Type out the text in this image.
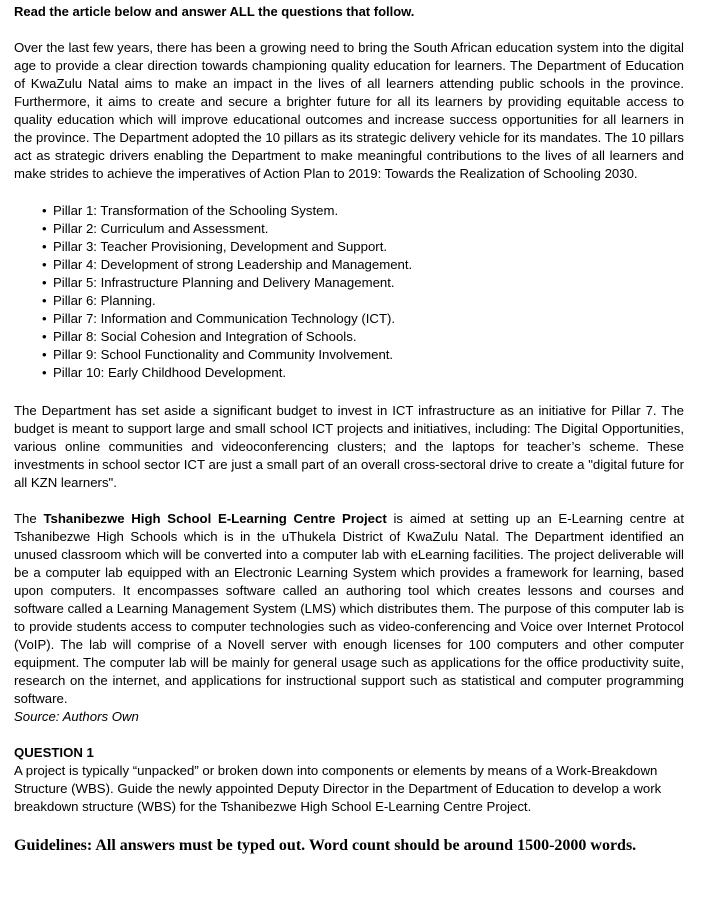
Read the article below and answer ALL the questions that follow.

Over the last few years, there has been a growing need to bring the South African education system into the digital age to provide a clear direction towards championing quality education for learners. The Department of Education of KwaZulu Natal aims to make an impact in the lives of all learners attending public schools in the province. Furthermore, it aims to create and secure a brighter future for all its learners by providing equitable access to quality education which will improve educational outcomes and increase success opportunities for all learners in the province. The Department adopted the 10 pillars as its strategic delivery vehicle for its mandates. The 10 pillars act as strategic drivers enabling the Department to make meaningful contributions to the lives of all learners and make strides to achieve the imperatives of Action Plan to 2019: Towards the Realization of Schooling 2030.

• Pillar 1: Transformation of the Schooling System.
• Pillar 2: Curriculum and Assessment.
• Pillar 3: Teacher Provisioning, Development and Support.
• Pillar 4: Development of strong Leadership and Management.
• Pillar 5: Infrastructure Planning and Delivery Management.
• Pillar 6: Planning.
• Pillar 7: Information and Communication Technology (ICT).
• Pillar 8: Social Cohesion and Integration of Schools.
• Pillar 9: School Functionality and Community Involvement.
• Pillar 10: Early Childhood Development.

The Department has set aside a significant budget to invest in ICT infrastructure as an initiative for Pillar 7. The budget is meant to support large and small school ICT projects and initiatives, including: The Digital Opportunities, various online communities and videoconferencing clusters; and the laptops for teacher’s scheme. These investments in school sector ICT are just a small part of an overall cross-sectoral drive to create a "digital future for all KZN learners".

The Tshanibezwe High School E-Learning Centre Project is aimed at setting up an E-Learning centre at Tshanibezwe High Schools which is in the uThukela District of KwaZulu Natal. The Department identified an unused classroom which will be converted into a computer lab with eLearning facilities. The project deliverable will be a computer lab equipped with an Electronic Learning System which provides a framework for learning, based upon computers. It encompasses software called an authoring tool which creates lessons and courses and software called a Learning Management System (LMS) which distributes them. The purpose of this computer lab is to provide students access to computer technologies such as video-conferencing and Voice over Internet Protocol (VoIP). The lab will comprise of a Novell server with enough licenses for 100 computers and other computer equipment. The computer lab will be mainly for general usage such as applications for the office productivity suite, research on the internet, and applications for instructional support such as statistical and computer programming software.

Source: Authors Own

QUESTION 1

A project is typically “unpacked” or broken down into components or elements by means of a Work-Breakdown Structure (WBS). Guide the newly appointed Deputy Director in the Department of Education to develop a work breakdown structure (WBS) for the Tshanibezwe High School E-Learning Centre Project.

Guidelines: All answers must be typed out. Word count should be around 1500-2000 words.
